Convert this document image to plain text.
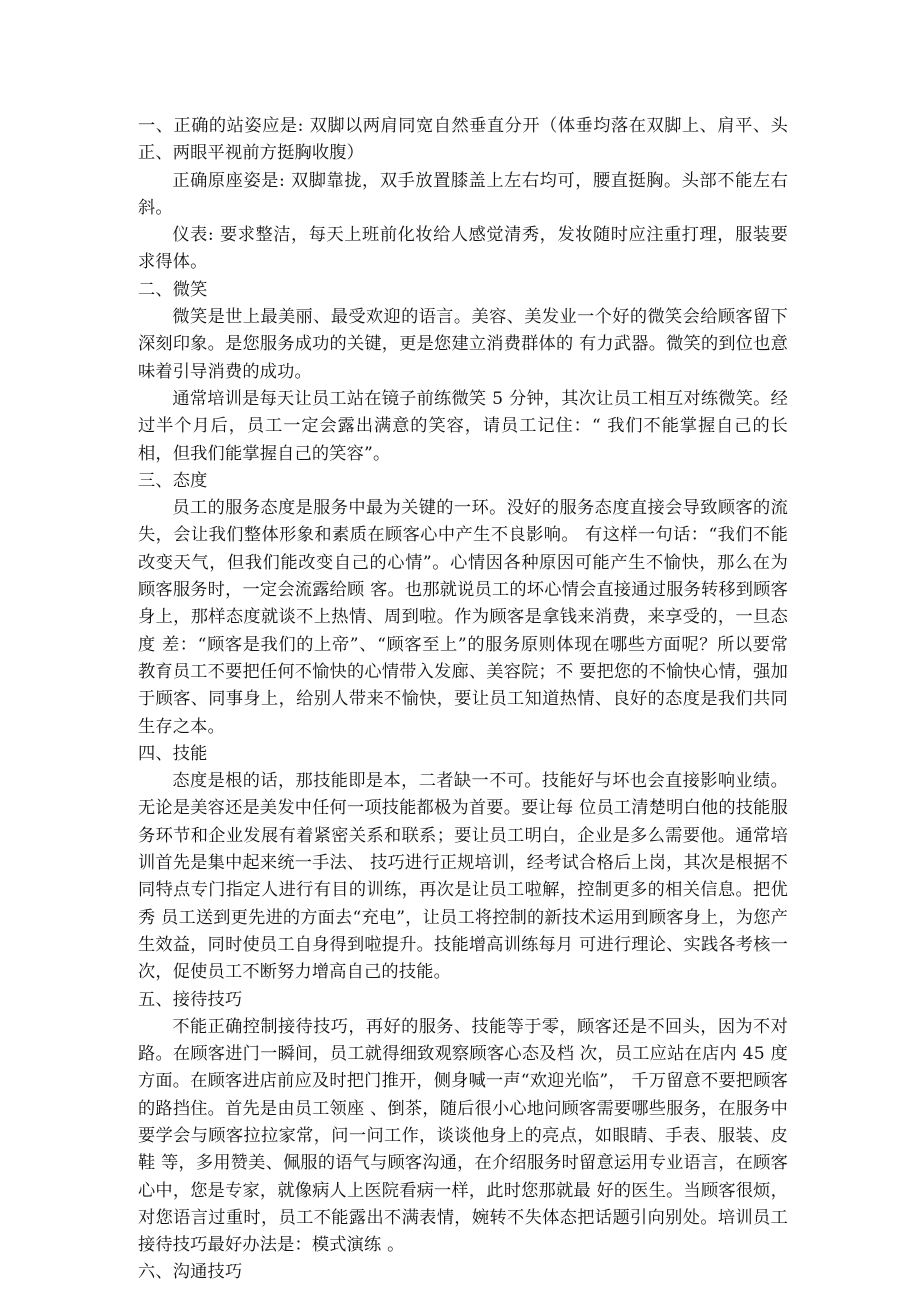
一、正确的站姿应是: 双脚以两肩同宽自然垂直分开（体垂均落在双脚上、肩平、头正、两眼平视前方挺胸收腹）

正确原座姿是: 双脚靠拢，双手放置膝盖上左右均可，腰直挺胸。头部不能左右斜。

仪表: 要求整洁，每天上班前化妆给人感觉清秀，发妆随时应注重打理，服装要求得体。

二、微笑

微笑是世上最美丽、最受欢迎的语言。美容、美发业一个好的微笑会给顾客留下深刻印象。是您服务成功的关键，更是您建立消费群体的 有力武器。微笑的到位也意味着引导消费的成功。

通常培训是每天让员工站在镜子前练微笑 5 分钟，其次让员工相互对练微笑。经过半个月后，员工一定会露出满意的笑容，请员工记住：“ 我们不能掌握自己的长相，但我们能掌握自己的笑容”。

三、态度

员工的服务态度是服务中最为关键的一环。没好的服务态度直接会导致顾客的流失，会让我们整体形象和素质在顾客心中产生不良影响。 有这样一句话：“我们不能改变天气，但我们能改变自己的心情”。心情因各种原因可能产生不愉快，那么在为顾客服务时，一定会流露给顾 客。也那就说员工的坏心情会直接通过服务转移到顾客身上，那样态度就谈不上热情、周到啦。作为顾客是拿钱来消费，来享受的，一旦态度 差：“顾客是我们的上帝”、“顾客至上”的服务原则体现在哪些方面呢？所以要常教育员工不要把任何不愉快的心情带入发廊、美容院；不 要把您的不愉快心情，强加于顾客、同事身上，给别人带来不愉快，要让员工知道热情、良好的态度是我们共同生存之本。

四、技能

态度是根的话，那技能即是本，二者缺一不可。技能好与坏也会直接影响业绩。无论是美容还是美发中任何一项技能都极为首要。要让每 位员工清楚明白他的技能服务环节和企业发展有着紧密关系和联系；要让员工明白，企业是多么需要他。通常培训首先是集中起来统一手法、 技巧进行正规培训，经考试合格后上岗，其次是根据不同特点专门指定人进行有目的训练，再次是让员工啦解，控制更多的相关信息。把优秀 员工送到更先进的方面去“充电”，让员工将控制的新技术运用到顾客身上，为您产生效益，同时使员工自身得到啦提升。技能增高训练每月 可进行理论、实践各考核一次，促使员工不断努力增高自己的技能。

五、接待技巧

不能正确控制接待技巧，再好的服务、技能等于零，顾客还是不回头，因为不对路。在顾客进门一瞬间，员工就得细致观察顾客心态及档 次，员工应站在店内 45 度方面。在顾客进店前应及时把门推开，侧身喊一声“欢迎光临”， 千万留意不要把顾客的路挡住。首先是由员工领座 、倒茶，随后很小心地问顾客需要哪些服务，在服务中要学会与顾客拉拉家常，问一问工作，谈谈他身上的亮点，如眼睛、手表、服装、皮鞋 等，多用赞美、佩服的语气与顾客沟通，在介绍服务时留意运用专业语言，在顾客心中，您是专家，就像病人上医院看病一样，此时您那就最 好的医生。当顾客很烦，对您语言过重时，员工不能露出不满表情，婉转不失体态把话题引向别处。培训员工接待技巧最好办法是：模式演练 。

六、沟通技巧
